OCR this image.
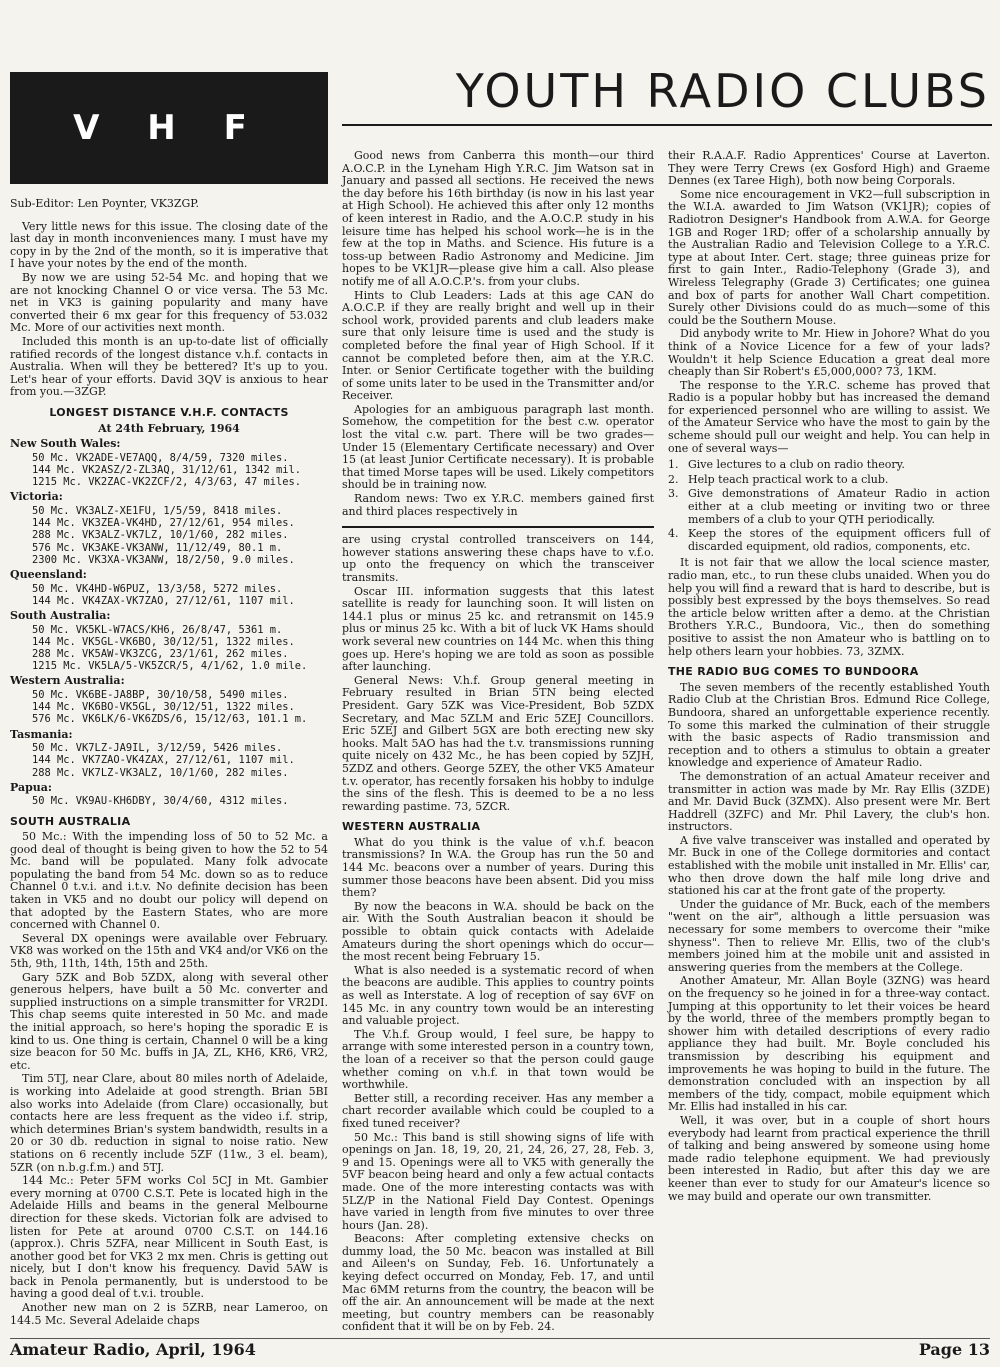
V H F
YOUTH RADIO CLUBS

Sub-Editor: Len Poynter, VK3ZGP.

Very little news for this issue. The closing date of the last day in month inconveniences many. I must have my copy in by the 2nd of the month, so it is imperative that I have your notes by the end of the month.

By now we are using 52-54 Mc. and hoping that we are not knocking Channel O or vice versa. The 53 Mc. net in VK3 is gaining popularity and many have converted their 6 mx gear for this frequency of 53.032 Mc. More of our activities next month.

Included this month is an up-to-date list of officially ratified records of the longest distance v.h.f. contacts in Australia. When will they be bettered? It's up to you. Let's hear of your efforts. David 3QV is anxious to hear from you.—3ZGP.

LONGEST DISTANCE V.H.F. CONTACTS

At 24th February, 1964

New South Wales:
50 Mc. VK2ADE-VE7AQQ, 8/4/59, 7320 miles.
144 Mc. VK2ASZ/2-ZL3AQ, 31/12/61, 1342 mil.
1215 Mc. VK2ZAC-VK2ZCF/2, 4/3/63, 47 miles.
Victoria:
50 Mc. VK3ALZ-XE1FU, 1/5/59, 8418 miles.
144 Mc. VK3ZEA-VK4HD, 27/12/61, 954 miles.
288 Mc. VK3ALZ-VK7LZ, 10/1/60, 282 miles.
576 Mc. VK3AKE-VK3ANW, 11/12/49, 80.1 m.
2300 Mc. VK3XA-VK3ANW, 18/2/50, 9.0 miles.
Queensland:
50 Mc. VK4HD-W6PUZ, 13/3/58, 5272 miles.
144 Mc. VK4ZAX-VK7ZAO, 27/12/61, 1107 mil.
South Australia:
50 Mc. VK5KL-W7ACS/KH6, 26/8/47, 5361 m.
144 Mc. VK5GL-VK6BO, 30/12/51, 1322 miles.
288 Mc. VK5AW-VK3ZCG, 23/1/61, 262 miles.
1215 Mc. VK5LA/5-VK5ZCR/5, 4/1/62, 1.0 mile.
Western Australia:
50 Mc. VK6BE-JA8BP, 30/10/58, 5490 miles.
144 Mc. VK6BO-VK5GL, 30/12/51, 1322 miles.
576 Mc. VK6LK/6-VK6ZDS/6, 15/12/63, 101.1 m.
Tasmania:
50 Mc. VK7LZ-JA9IL, 3/12/59, 5426 miles.
144 Mc. VK7ZAO-VK4ZAX, 27/12/61, 1107 mil.
288 Mc. VK7LZ-VK3ALZ, 10/1/60, 282 miles.
Papua:
50 Mc. VK9AU-KH6DBY, 30/4/60, 4312 miles.
SOUTH AUSTRALIA

50 Mc.: With the impending loss of 50 to 52 Mc. a good deal of thought is being given to how the 52 to 54 Mc. band will be populated. Many folk advocate populating the band from 54 Mc. down so as to reduce Channel 0 t.v.i. and i.t.v. No definite decision has been taken in VK5 and no doubt our policy will depend on that adopted by the Eastern States, who are more concerned with Channel 0.

Several DX openings were available over February. VK8 was worked on the 15th and VK4 and/or VK6 on the 5th, 9th, 11th, 14th, 15th and 25th.

Gary 5ZK and Bob 5ZDX, along with several other generous helpers, have built a 50 Mc. converter and supplied instructions on a simple transmitter for VR2DI. This chap seems quite interested in 50 Mc. and made the initial approach, so here's hoping the sporadic E is kind to us. One thing is certain, Channel 0 will be a king size beacon for 50 Mc. buffs in JA, ZL, KH6, KR6, VR2, etc.

Tim 5TJ, near Clare, about 80 miles north of Adelaide, is working into Adelaide at good strength. Brian 5BI also works into Adelaide (from Clare) occasionally, but contacts here are less frequent as the video i.f. strip, which determines Brian's system bandwidth, results in a 20 or 30 db. reduction in signal to noise ratio. New stations on 6 recently include 5ZF (11w., 3 el. beam), 5ZR (on n.b.g.f.m.) and 5TJ.

144 Mc.: Peter 5FM works Col 5CJ in Mt. Gambier every morning at 0700 C.S.T. Pete is located high in the Adelaide Hills and beams in the general Melbourne direction for these skeds. Victorian folk are advised to listen for Pete at around 0700 C.S.T. on 144.16 (approx.). Chris 5ZFA, near Millicent in South East, is another good bet for VK3 2 mx men. Chris is getting out nicely, but I don't know his frequency. David 5AW is back in Penola permanently, but is understood to be having a good deal of t.v.i. trouble.

Another new man on 2 is 5ZRB, near Lameroo, on 144.5 Mc. Several Adelaide chaps

Good news from Canberra this month—our third A.O.C.P. in the Lyneham High Y.R.C. Jim Watson sat in January and passed all sections. He received the news the day before his 16th birthday (is now in his last year at High School). He achieved this after only 12 months of keen interest in Radio, and the A.O.C.P. study in his leisure time has helped his school work—he is in the few at the top in Maths. and Science. His future is a toss-up between Radio Astronomy and Medicine. Jim hopes to be VK1JR—please give him a call. Also please notify me of all A.O.C.P.'s. from your clubs.

Hints to Club Leaders: Lads at this age CAN do A.O.C.P. if they are really bright and well up in their school work, provided parents and club leaders make sure that only leisure time is used and the study is completed before the final year of High School. If it cannot be completed before then, aim at the Y.R.C. Inter. or Senior Certificate together with the building of some units later to be used in the Transmitter and/or Receiver.

Apologies for an ambiguous paragraph last month. Somehow, the competition for the best c.w. operator lost the vital c.w. part. There will be two grades—Under 15 (Elementary Certificate necessary) and Over 15 (at least Junior Certificate necessary). It is probable that timed Morse tapes will be used. Likely competitors should be in training now.

Random news: Two ex Y.R.C. members gained first and third places respectively in

are using crystal controlled transceivers on 144, however stations answering these chaps have to v.f.o. up onto the frequency on which the transceiver transmits.

Oscar III. information suggests that this latest satellite is ready for launching soon. It will listen on 144.1 plus or minus 25 kc. and retransmit on 145.9 plus or minus 25 kc. With a bit of luck VK Hams should work several new countries on 144 Mc. when this thing goes up. Here's hoping we are told as soon as possible after launching.

General News: V.h.f. Group general meeting in February resulted in Brian 5TN being elected President. Gary 5ZK was Vice-President, Bob 5ZDX Secretary, and Mac 5ZLM and Eric 5ZEJ Councillors. Eric 5ZEJ and Gilbert 5GX are both erecting new sky hooks. Malt 5AO has had the t.v. transmissions running quite nicely on 432 Mc., he has been copied by 5ZJH, 5ZDZ and others. George 5ZEY, the other VK5 Amateur t.v. operator, has recently forsaken his hobby to indulge the sins of the flesh. This is deemed to be a no less rewarding pastime. 73, 5ZCR.

WESTERN AUSTRALIA

What do you think is the value of v.h.f. beacon transmissions? In W.A. the Group has run the 50 and 144 Mc. beacons over a number of years. During this summer those beacons have been absent. Did you miss them?

By now the beacons in W.A. should be back on the air. With the South Australian beacon it should be possible to obtain quick contacts with Adelaide Amateurs during the short openings which do occur—the most recent being February 15.

What is also needed is a systematic record of when the beacons are audible. This applies to country points as well as Interstate. A log of reception of say 6VF on 145 Mc. in any country town would be an interesting and valuable project.

The V.h.f. Group would, I feel sure, be happy to arrange with some interested person in a country town, the loan of a receiver so that the person could gauge whether coming on v.h.f. in that town would be worthwhile.

Better still, a recording receiver. Has any member a chart recorder available which could be coupled to a fixed tuned receiver?

50 Mc.: This band is still showing signs of life with openings on Jan. 18, 19, 20, 21, 24, 26, 27, 28, Feb. 3, 9 and 15. Openings were all to VK5 with generally the 5VF beacon being heard and only a few actual contacts made. One of the more interesting contacts was with 5LZ/P in the National Field Day Contest. Openings have varied in length from five minutes to over three hours (Jan. 28).

Beacons: After completing extensive checks on dummy load, the 50 Mc. beacon was installed at Bill and Aileen's on Sunday, Feb. 16. Unfortunately a keying defect occurred on Monday, Feb. 17, and until Mac 6MM returns from the country, the beacon will be off the air. An announcement will be made at the next meeting, but country members can be reasonably confident that it will be on by Feb. 24.

their R.A.A.F. Radio Apprentices' Course at Laverton. They were Terry Crews (ex Gosford High) and Graeme Dennes (ex Taree High), both now being Corporals.

Some nice encouragement in VK2—full subscription in the W.I.A. awarded to Jim Watson (VK1JR); copies of Radiotron Designer's Handbook from A.W.A. for George 1GB and Roger 1RD; offer of a scholarship annually by the Australian Radio and Television College to a Y.R.C. type at about Inter. Cert. stage; three guineas prize for first to gain Inter., Radio-Telephony (Grade 3), and Wireless Telegraphy (Grade 3) Certificates; one guinea and box of parts for another Wall Chart competition. Surely other Divisions could do as much—some of this could be the Southern Mouse.

Did anybody write to Mr. Hiew in Johore? What do you think of a Novice Licence for a few of your lads? Wouldn't it help Science Education a great deal more cheaply than Sir Robert's £5,000,000? 73, 1KM.

The response to the Y.R.C. scheme has proved that Radio is a popular hobby but has increased the demand for experienced personnel who are willing to assist. We of the Amateur Service who have the most to gain by the scheme should pull our weight and help. You can help in one of several ways—

1. Give lectures to a club on radio theory.
2. Help teach practical work to a club.
3. Give demonstrations of Amateur Radio in action either at a club meeting or inviting two or three members of a club to your QTH periodically.
4. Keep the stores of the equipment officers full of discarded equipment, old radios, components, etc.

It is not fair that we allow the local science master, radio man, etc., to run these clubs unaided. When you do help you will find a reward that is hard to describe, but is possibly best expressed by the boys themselves. So read the article below written after a demo. at the Christian Brothers Y.R.C., Bundoora, Vic., then do something positive to assist the non Amateur who is battling on to help others learn your hobbies. 73, 3ZMX.

THE RADIO BUG COMES TO BUNDOORA

The seven members of the recently established Youth Radio Club at the Christian Bros. Edmund Rice College, Bundoora, shared an unforgettable experience recently. To some this marked the culmination of their struggle with the basic aspects of Radio transmission and reception and to others a stimulus to obtain a greater knowledge and experience of Amateur Radio.

The demonstration of an actual Amateur receiver and transmitter in action was made by Mr. Ray Ellis (3ZDE) and Mr. David Buck (3ZMX). Also present were Mr. Bert Haddrell (3ZFC) and Mr. Phil Lavery, the club's hon. instructors.

A five valve transceiver was installed and operated by Mr. Buck in one of the College dormitories and contact established with the mobile unit installed in Mr. Ellis' car, who then drove down the half mile long drive and stationed his car at the front gate of the property.

Under the guidance of Mr. Buck, each of the members "went on the air", although a little persuasion was necessary for some members to overcome their "mike shyness". Then to relieve Mr. Ellis, two of the club's members joined him at the mobile unit and assisted in answering queries from the members at the College.

Another Amateur, Mr. Allan Boyle (3ZNG) was heard on the frequency so he joined in for a three-way contact. Jumping at this opportunity to let their voices be heard by the world, three of the members promptly began to shower him with detailed descriptions of every radio appliance they had built. Mr. Boyle concluded his transmission by describing his equipment and improvements he was hoping to build in the future. The demonstration concluded with an inspection by all members of the tidy, compact, mobile equipment which Mr. Ellis had installed in his car.

Well, it was over, but in a couple of short hours everybody had learnt from practical experience the thrill of talking and being answered by someone using home made radio telephone equipment. We had previously been interested in Radio, but after this day we are keener than ever to study for our Amateur's licence so we may build and operate our own transmitter.

Amateur Radio, April, 1964	Page 13
